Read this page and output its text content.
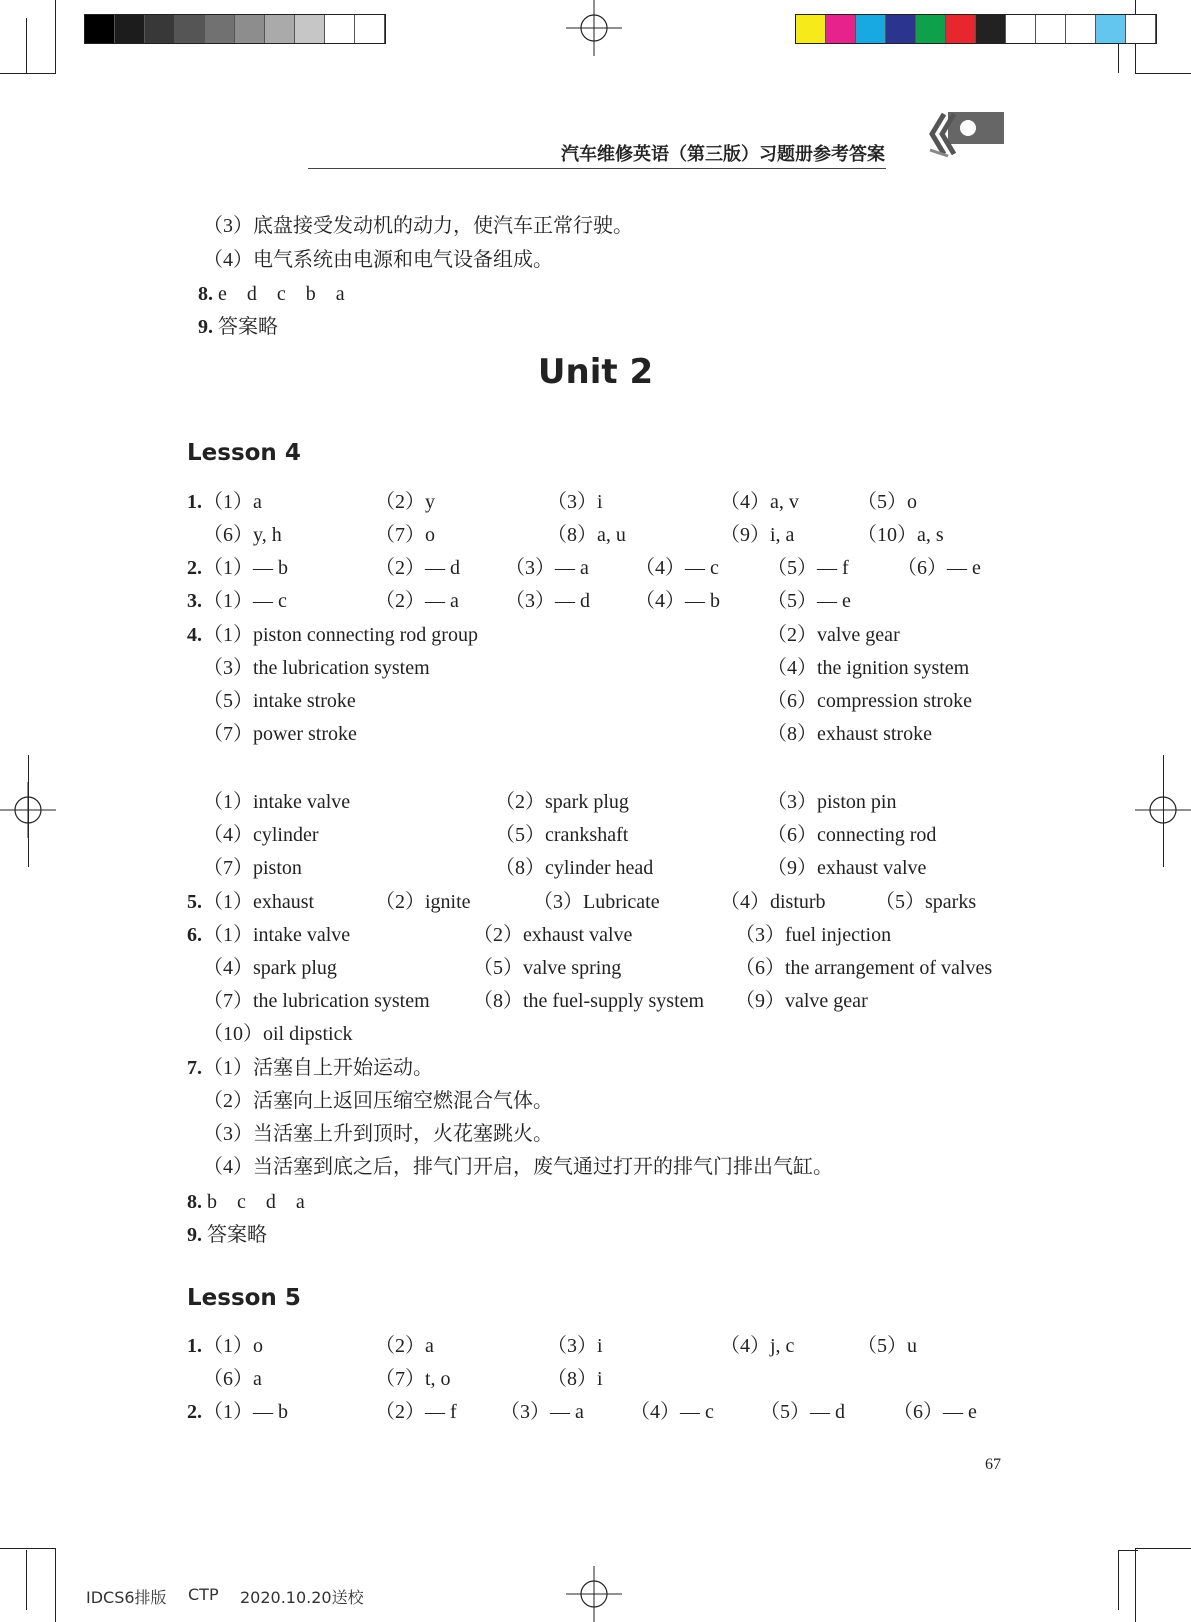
汽车维修英语（第三版）习题册参考答案
（3）底盘接受发动机的动力，使汽车正常行驶。
（4）电气系统由电源和电气设备组成。
8. e　d　c　b　a
9. 答案略
Unit 2
Lesson 4
1. （1）a	（2）y	（3）i	（4）a, v	（5）o
（6）y, h	（7）o	（8）a, u	（9）i, a	（10）a, s
2. （1）— b	（2）— d （3）— a （4）— c （5）— f （6）— e
3. （1）— c	（2）— a （3）— d （4）— b （5）— e
4. （1）piston connecting rod group	（2）valve gear
（3）the lubrication system	（4）the ignition system
（5）intake stroke	（6）compression stroke
（7）power stroke	（8）exhaust stroke
（1）intake valve	（2）spark plug	（3）piston pin
（4）cylinder	（5）crankshaft	（6）connecting rod
（7）piston	（8）cylinder head	（9）exhaust valve
5. （1）exhaust	（2）ignite	（3）Lubricate	（4）disturb （5）sparks
6. （1）intake valve	（2）exhaust valve	（3）fuel injection
（4）spark plug	（5）valve spring	（6）the arrangement of valves
（7）the lubrication system （8）the fuel-supply system （9）valve gear
（10）oil dipstick
7. （1）活塞自上开始运动。
（2）活塞向上返回压缩空燃混合气体。
（3）当活塞上升到顶时，火花塞跳火。
（4）当活塞到底之后，排气门开启，废气通过打开的排气门排出气缸。
8. b　c　d　a
9. 答案略
Lesson 5
1. （1）o	（2）a	（3）i	（4）j, c	（5）u
（6）a	（7）t, o	（8）i
2. （1）— b	（2）— f （3）— a （4）— c （5）— d （6）— e
67
IDCS6排版 CTP 2020.10.20送校
